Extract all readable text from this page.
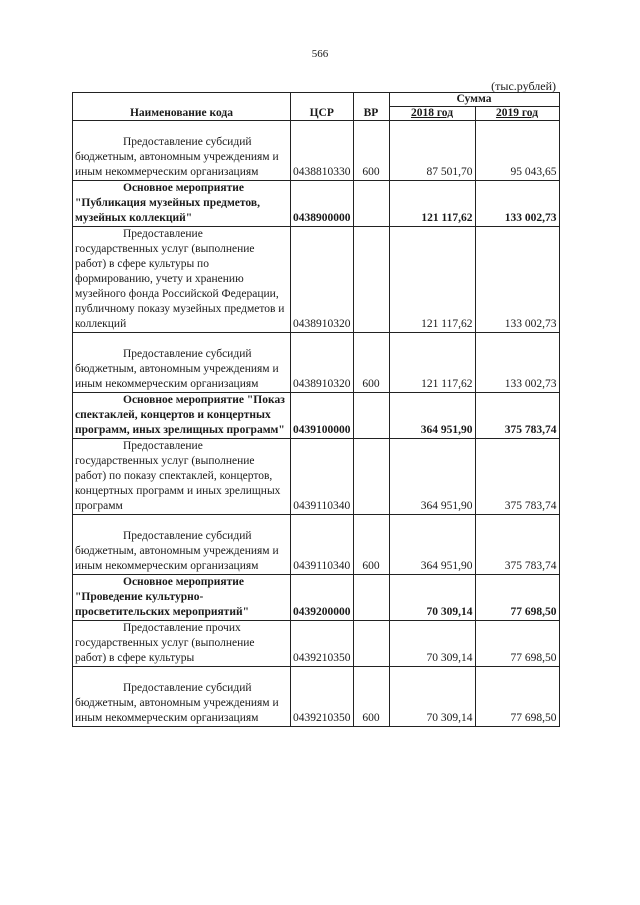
566
(тыс.рублей)
Наименование кода	ЦСР	ВР	Сумма	
			2018 год	2019 год

Предоставление субсидий бюджетным, автономным учреждениям и иным некоммерческим организациям	0438810330	600	87 501,70	95 043,65

Основное мероприятие "Публикация музейных предметов, музейных коллекций"	0438900000		121 117,62	133 002,73

Предоставление государственных услуг (выполнение работ) в сфере культуры по формированию, учету и хранению музейного фонда Российской Федерации, публичному показу музейных предметов и коллекций	0438910320		121 117,62	133 002,73

Предоставление субсидий бюджетным, автономным учреждениям и иным некоммерческим организациям	0438910320	600	121 117,62	133 002,73

Основное мероприятие "Показ спектаклей, концертов и концертных программ, иных зрелищных программ"	0439100000		364 951,90	375 783,74

Предоставление государственных услуг (выполнение работ) по показу спектаклей, концертов, концертных программ и иных зрелищных программ	0439110340		364 951,90	375 783,74

Предоставление субсидий бюджетным, автономным учреждениям и иным некоммерческим организациям	0439110340	600	364 951,90	375 783,74

Основное мероприятие "Проведение культурно-просветительских мероприятий"	0439200000		70 309,14	77 698,50

Предоставление прочих государственных услуг (выполнение работ) в сфере культуры	0439210350		70 309,14	77 698,50

Предоставление субсидий бюджетным, автономным учреждениям и иным некоммерческим организациям	0439210350	600	70 309,14	77 698,50
